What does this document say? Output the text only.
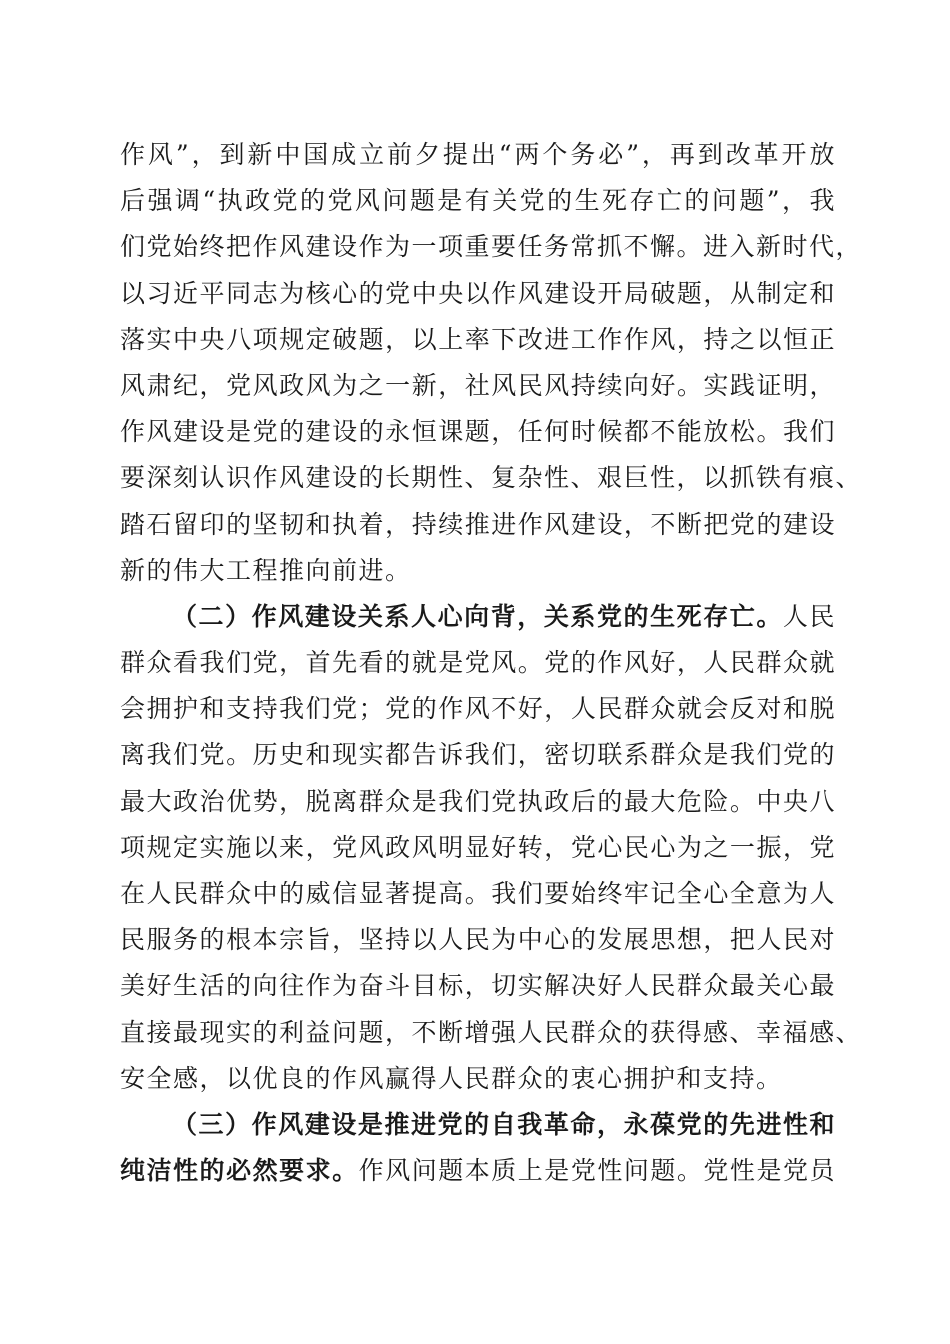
作风”，到新中国成立前夕提出“两个务必”，再到改革开放
后强调“执政党的党风问题是有关党的生死存亡的问题”，我
们党始终把作风建设作为一项重要任务常抓不懈。进入新时代，
以习近平同志为核心的党中央以作风建设开局破题，从制定和
落实中央八项规定破题，以上率下改进工作作风，持之以恒正
风肃纪，党风政风为之一新，社风民风持续向好。实践证明，
作风建设是党的建设的永恒课题，任何时候都不能放松。我们
要深刻认识作风建设的长期性、复杂性、艰巨性，以抓铁有痕、
踏石留印的坚韧和执着，持续推进作风建设，不断把党的建设
新的伟大工程推向前进。
（二）作风建设关系人心向背，关系党的生死存亡。人民
群众看我们党，首先看的就是党风。党的作风好，人民群众就
会拥护和支持我们党；党的作风不好，人民群众就会反对和脱
离我们党。历史和现实都告诉我们，密切联系群众是我们党的
最大政治优势，脱离群众是我们党执政后的最大危险。中央八
项规定实施以来，党风政风明显好转，党心民心为之一振，党
在人民群众中的威信显著提高。我们要始终牢记全心全意为人
民服务的根本宗旨，坚持以人民为中心的发展思想，把人民对
美好生活的向往作为奋斗目标，切实解决好人民群众最关心最
直接最现实的利益问题，不断增强人民群众的获得感、幸福感、
安全感，以优良的作风赢得人民群众的衷心拥护和支持。
（三）作风建设是推进党的自我革命，永葆党的先进性和
纯洁性的必然要求。作风问题本质上是党性问题。党性是党员
